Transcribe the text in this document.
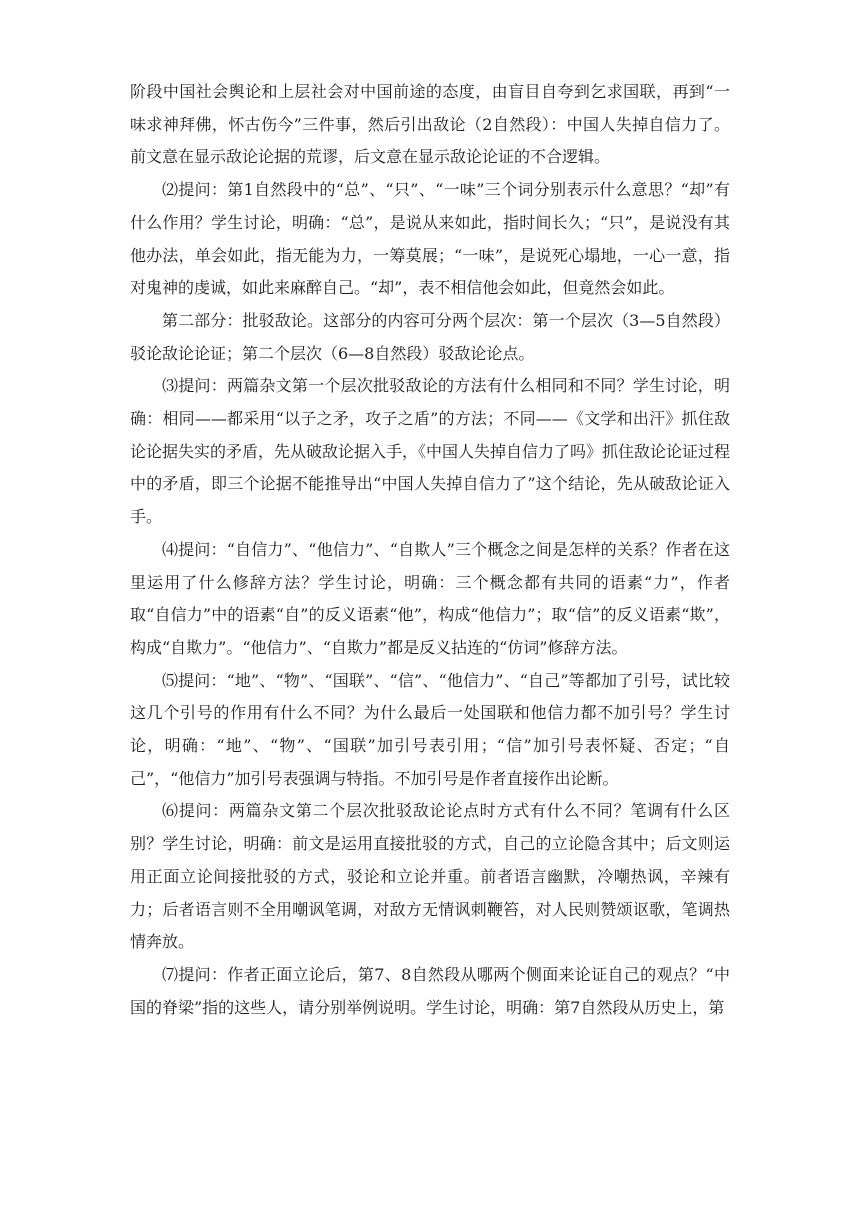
阶段中国社会舆论和上层社会对中国前途的态度，由盲目自夸到乞求国联，再到“一味求神拜佛，怀古伤今”三件事，然后引出敌论（2自然段）：中国人失掉自信力了。前文意在显示敌论论据的荒谬，后文意在显示敌论论证的不合逻辑。

⑵提问：第1自然段中的“总”、“只”、“一味”三个词分别表示什么意思？“却”有什么作用？学生讨论，明确：“总”，是说从来如此，指时间长久；“只”，是说没有其他办法，单会如此，指无能为力，一筹莫展；“一味”，是说死心塌地，一心一意，指对鬼神的虔诚，如此来麻醉自己。“却”，表不相信他会如此，但竟然会如此。

第二部分：批驳敌论。这部分的内容可分两个层次：第一个层次（3—5自然段）驳论敌论论证；第二个层次（6—8自然段）驳敌论论点。

⑶提问：两篇杂文第一个层次批驳敌论的方法有什么相同和不同？学生讨论，明确：相同——都采用“以子之矛，攻子之盾”的方法；不同——《文学和出汗》抓住敌论论据失实的矛盾，先从破敌论据入手，《中国人失掉自信力了吗》抓住敌论论证过程中的矛盾，即三个论据不能推导出“中国人失掉自信力了”这个结论，先从破敌论证入手。

⑷提问：“自信力”、“他信力”、“自欺人”三个概念之间是怎样的关系？作者在这里运用了什么修辞方法？学生讨论，明确：三个概念都有共同的语素“力”，作者取“自信力”中的语素“自”的反义语素“他”，构成“他信力”；取“信”的反义语素“欺”，构成“自欺力”。“他信力”、“自欺力”都是反义拈连的“仿词”修辞方法。

⑸提问：“地”、“物”、“国联”、“信”、“他信力”、“自己”等都加了引号，试比较这几个引号的作用有什么不同？为什么最后一处国联和他信力都不加引号？学生讨论，明确：“地”、“物”、“国联”加引号表引用；“信”加引号表怀疑、否定；“自己”，“他信力”加引号表强调与特指。不加引号是作者直接作出论断。

⑹提问：两篇杂文第二个层次批驳敌论论点时方式有什么不同？笔调有什么区别？学生讨论，明确：前文是运用直接批驳的方式，自己的立论隐含其中；后文则运用正面立论间接批驳的方式，驳论和立论并重。前者语言幽默，冷嘲热讽，辛辣有力；后者语言则不全用嘲讽笔调，对敌方无情讽刺鞭笞，对人民则赞颂讴歌，笔调热情奔放。

⑺提问：作者正面立论后，第7、8自然段从哪两个侧面来论证自己的观点？“中国的脊梁”指的这些人，请分别举例说明。学生讨论，明确：第7自然段从历史上，第
